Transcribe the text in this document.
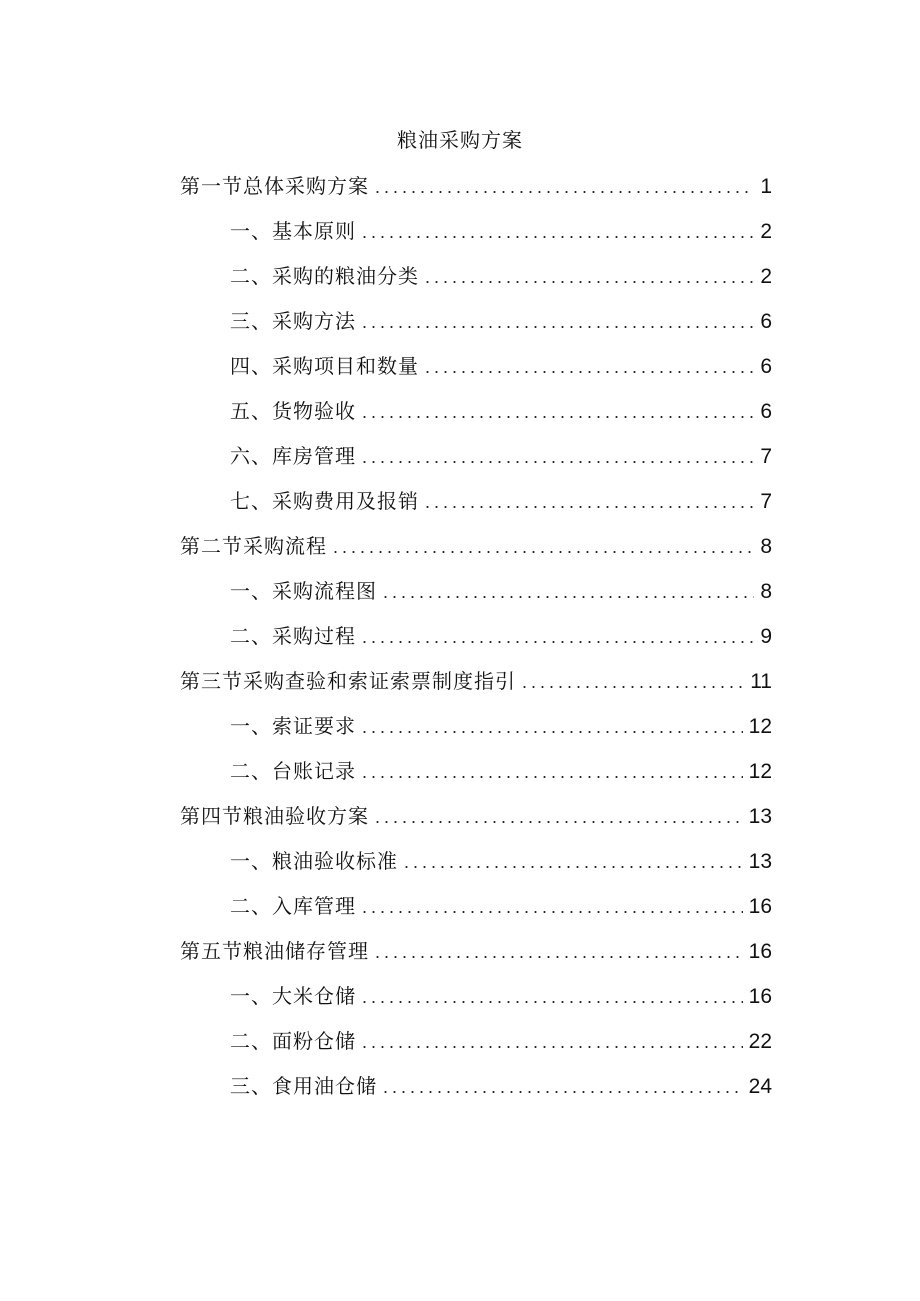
粮油采购方案
第一节总体采购方案 .....	1
一、基本原则 .....	2
二、采购的粮油分类 .....	2
三、采购方法 .....	6
四、采购项目和数量 .....	6
五、货物验收 .....	6
六、库房管理 .....	7
七、采购费用及报销 .....	7
第二节采购流程 .....	8
一、采购流程图 .....	8
二、采购过程 .....	9
第三节采购查验和索证索票制度指引 .....	11
一、索证要求 .....	12
二、台账记录 .....	12
第四节粮油验收方案 .....	13
一、粮油验收标准 .....	13
二、入库管理 .....	16
第五节粮油储存管理 .....	16
一、大米仓储 .....	16
二、面粉仓储 .....	22
三、食用油仓储 .....	24
